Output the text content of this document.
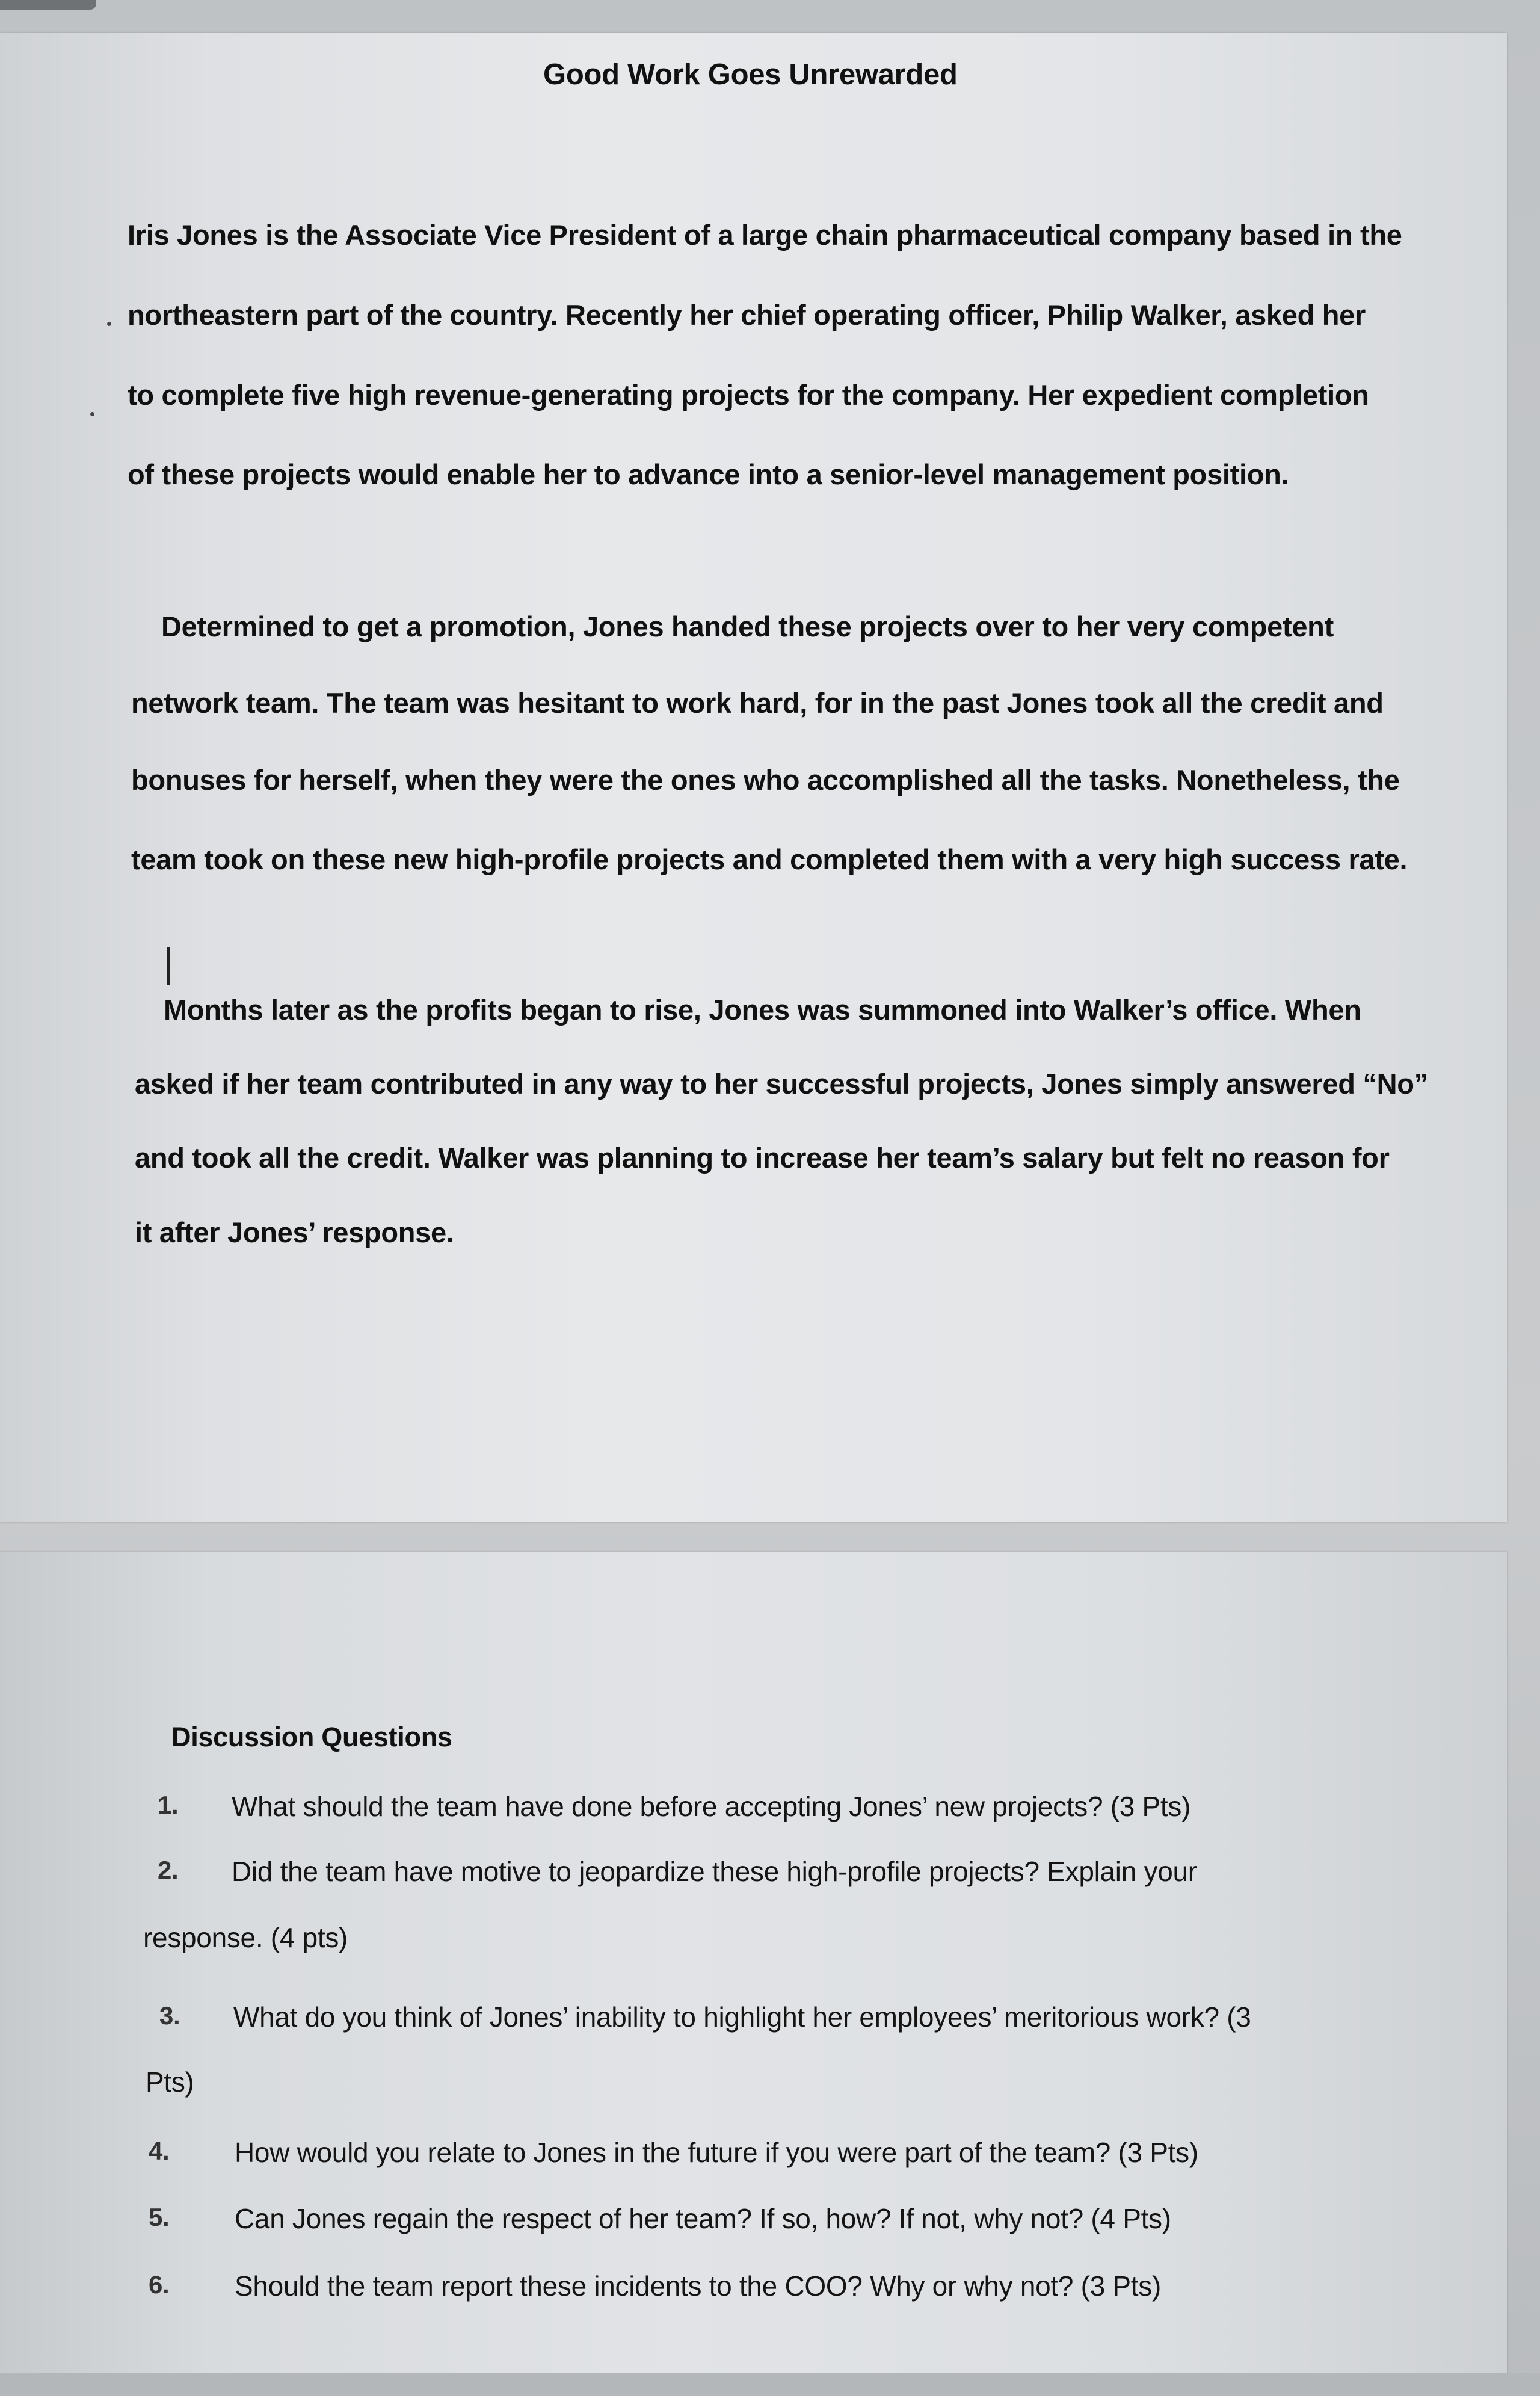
Good Work Goes Unrewarded
Iris Jones is the Associate Vice President of a large chain pharmaceutical company based in the
northeastern part of the country. Recently her chief operating officer, Philip Walker, asked her
to complete five high revenue-generating projects for the company. Her expedient completion
of these projects would enable her to advance into a senior-level management position.
Determined to get a promotion, Jones handed these projects over to her very competent
network team. The team was hesitant to work hard, for in the past Jones took all the credit and
bonuses for herself, when they were the ones who accomplished all the tasks. Nonetheless, the
team took on these new high-profile projects and completed them with a very high success rate.
Months later as the profits began to rise, Jones was summoned into Walker’s office. When
asked if her team contributed in any way to her successful projects, Jones simply answered “No”
and took all the credit. Walker was planning to increase her team’s salary but felt no reason for
it after Jones’ response.
Discussion Questions
1. What should the team have done before accepting Jones’ new projects? (3 Pts)
2. Did the team have motive to jeopardize these high-profile projects? Explain your
response. (4 pts)
3. What do you think of Jones’ inability to highlight her employees’ meritorious work? (3
Pts)
4. How would you relate to Jones in the future if you were part of the team? (3 Pts)
5. Can Jones regain the respect of her team? If so, how? If not, why not? (4 Pts)
6. Should the team report these incidents to the COO? Why or why not? (3 Pts)
